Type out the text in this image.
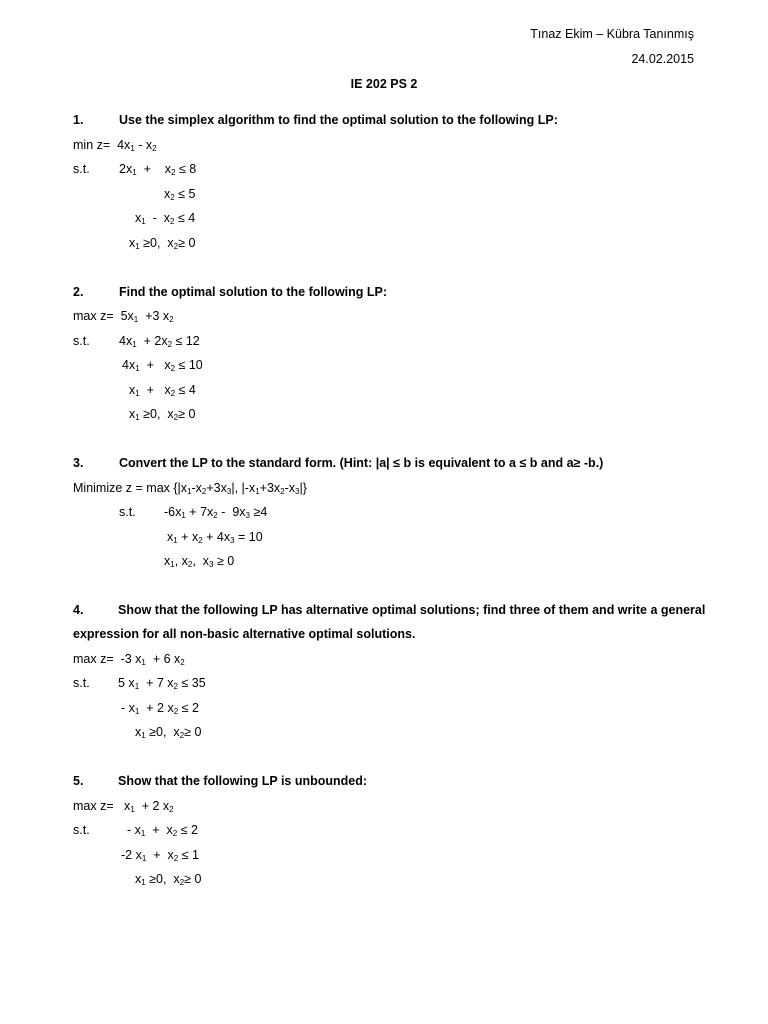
Tınaz Ekim – Kübra Tanınmış
24.02.2015
IE 202 PS 2
1.	Use the simplex algorithm to find the optimal solution to the following LP:
$\min z= 4x_1 - x_2$
s.t. $2x_1$  +    $x_2 \le 8$
$x_2 \le 5$
$x_1 - x_2 \le 4$
$x_1 \ge 0$,  $x_2\ge 0$
2.	Find the optimal solution to the following LP:
$\max z= 5x_1 +3$ $x_2$
s.t. $4x_1 + 2x_2 \le 12$
$4x_1 + x_2 \le 10$
$x_1 + x_2 \le 4$
$x_1 \ge 0$,  $x_2\ge 0$
3.	Convert the LP to the standard form. (Hint: |a| ≤ b is equivalent to a ≤ b and a≥ -b.)
Minimize $z = \max \{|x_1-x_2+3x_3|$, $|-x_1+3x_2-x_3|$}
s.t. $-6x_1 + 7x_2 - 9x_3 \ge 4$
$x_1 + x_2 + 4x_3 = 10$
$x_1$, $x_2$,  $x_3 \ge 0$
4.	Show that the following LP has alternative optimal solutions; find three of them and write a general
expression for all non-basic alternative optimal solutions.
max z=  -3 $x_1 + 6$ $x_2$
s.t. 5 $x_1 + 7$ $x_2 \le 35$
- $x_1 + 2$ $x_2 \le 2$
$x_1 \ge 0$,  $x_2\ge 0$
5.	Show that the following LP is unbounded:
$\max z= x_1 + 2$ $x_2$
s.t.	- $x_1 + x_2 \le 2$
-2 $x_1 + x_2 \le 1$
$x_1 \ge 0$,  $x_2\ge 0$
